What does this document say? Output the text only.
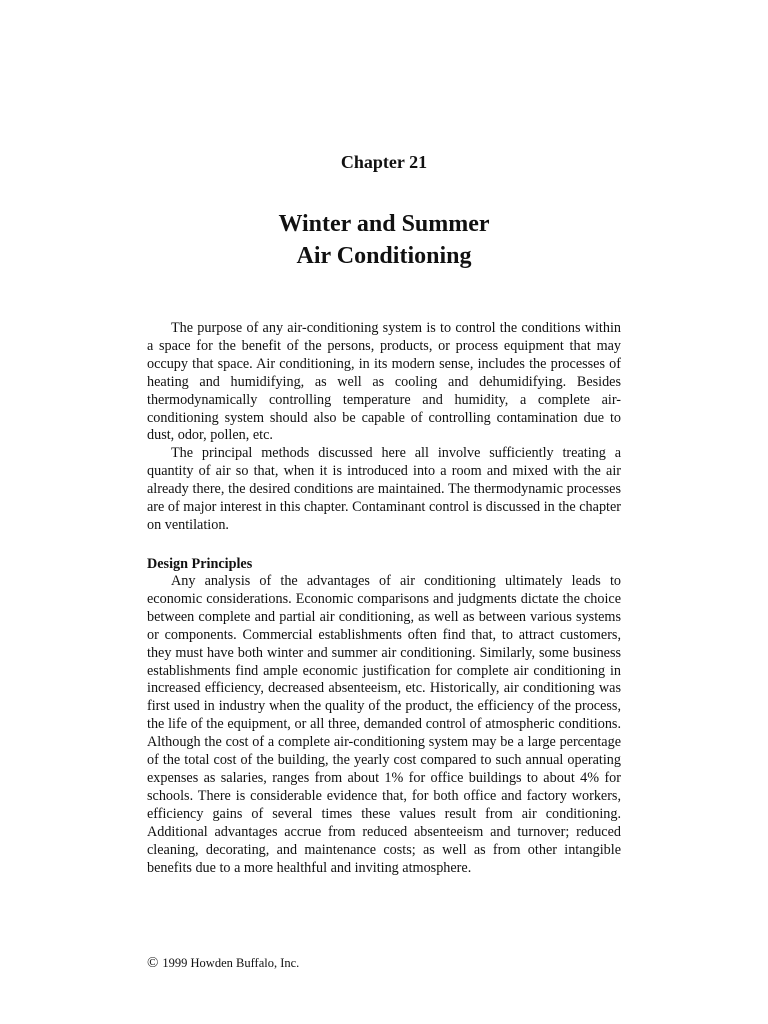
Chapter 21
Winter and Summer
Air Conditioning

The purpose of any air-conditioning system is to control the conditions within a space for the benefit of the persons, products, or process equipment that may occupy that space. Air conditioning, in its modern sense, includes the processes of heating and humidifying, as well as cooling and dehumidifying. Besides thermodynamically controlling temperature and humidity, a complete air-conditioning system should also be capable of controlling contamination due to dust, odor, pollen, etc.

The principal methods discussed here all involve sufficiently treating a quantity of air so that, when it is introduced into a room and mixed with the air already there, the desired conditions are maintained. The thermodynamic processes are of major interest in this chapter. Contaminant control is discussed in the chapter on ventilation.

Design Principles

Any analysis of the advantages of air conditioning ultimately leads to economic considerations. Economic comparisons and judgments dictate the choice between complete and partial air conditioning, as well as between various systems or components. Commercial establishments often find that, to attract customers, they must have both winter and summer air conditioning. Similarly, some business establishments find ample economic justification for complete air conditioning in increased efficiency, decreased absenteeism, etc. Historically, air conditioning was first used in industry when the quality of the product, the efficiency of the process, the life of the equipment, or all three, demanded control of atmospheric conditions. Although the cost of a complete air-conditioning system may be a large percentage of the total cost of the building, the yearly cost compared to such annual operating expenses as salaries, ranges from about 1% for office buildings to about 4% for schools. There is considerable evidence that, for both office and factory workers, efficiency gains of several times these values result from air conditioning. Additional advantages accrue from reduced absenteeism and turnover; reduced cleaning, decorating, and maintenance costs; as well as from other intangible benefits due to a more healthful and inviting atmosphere.

© 1999 Howden Buffalo, Inc.
